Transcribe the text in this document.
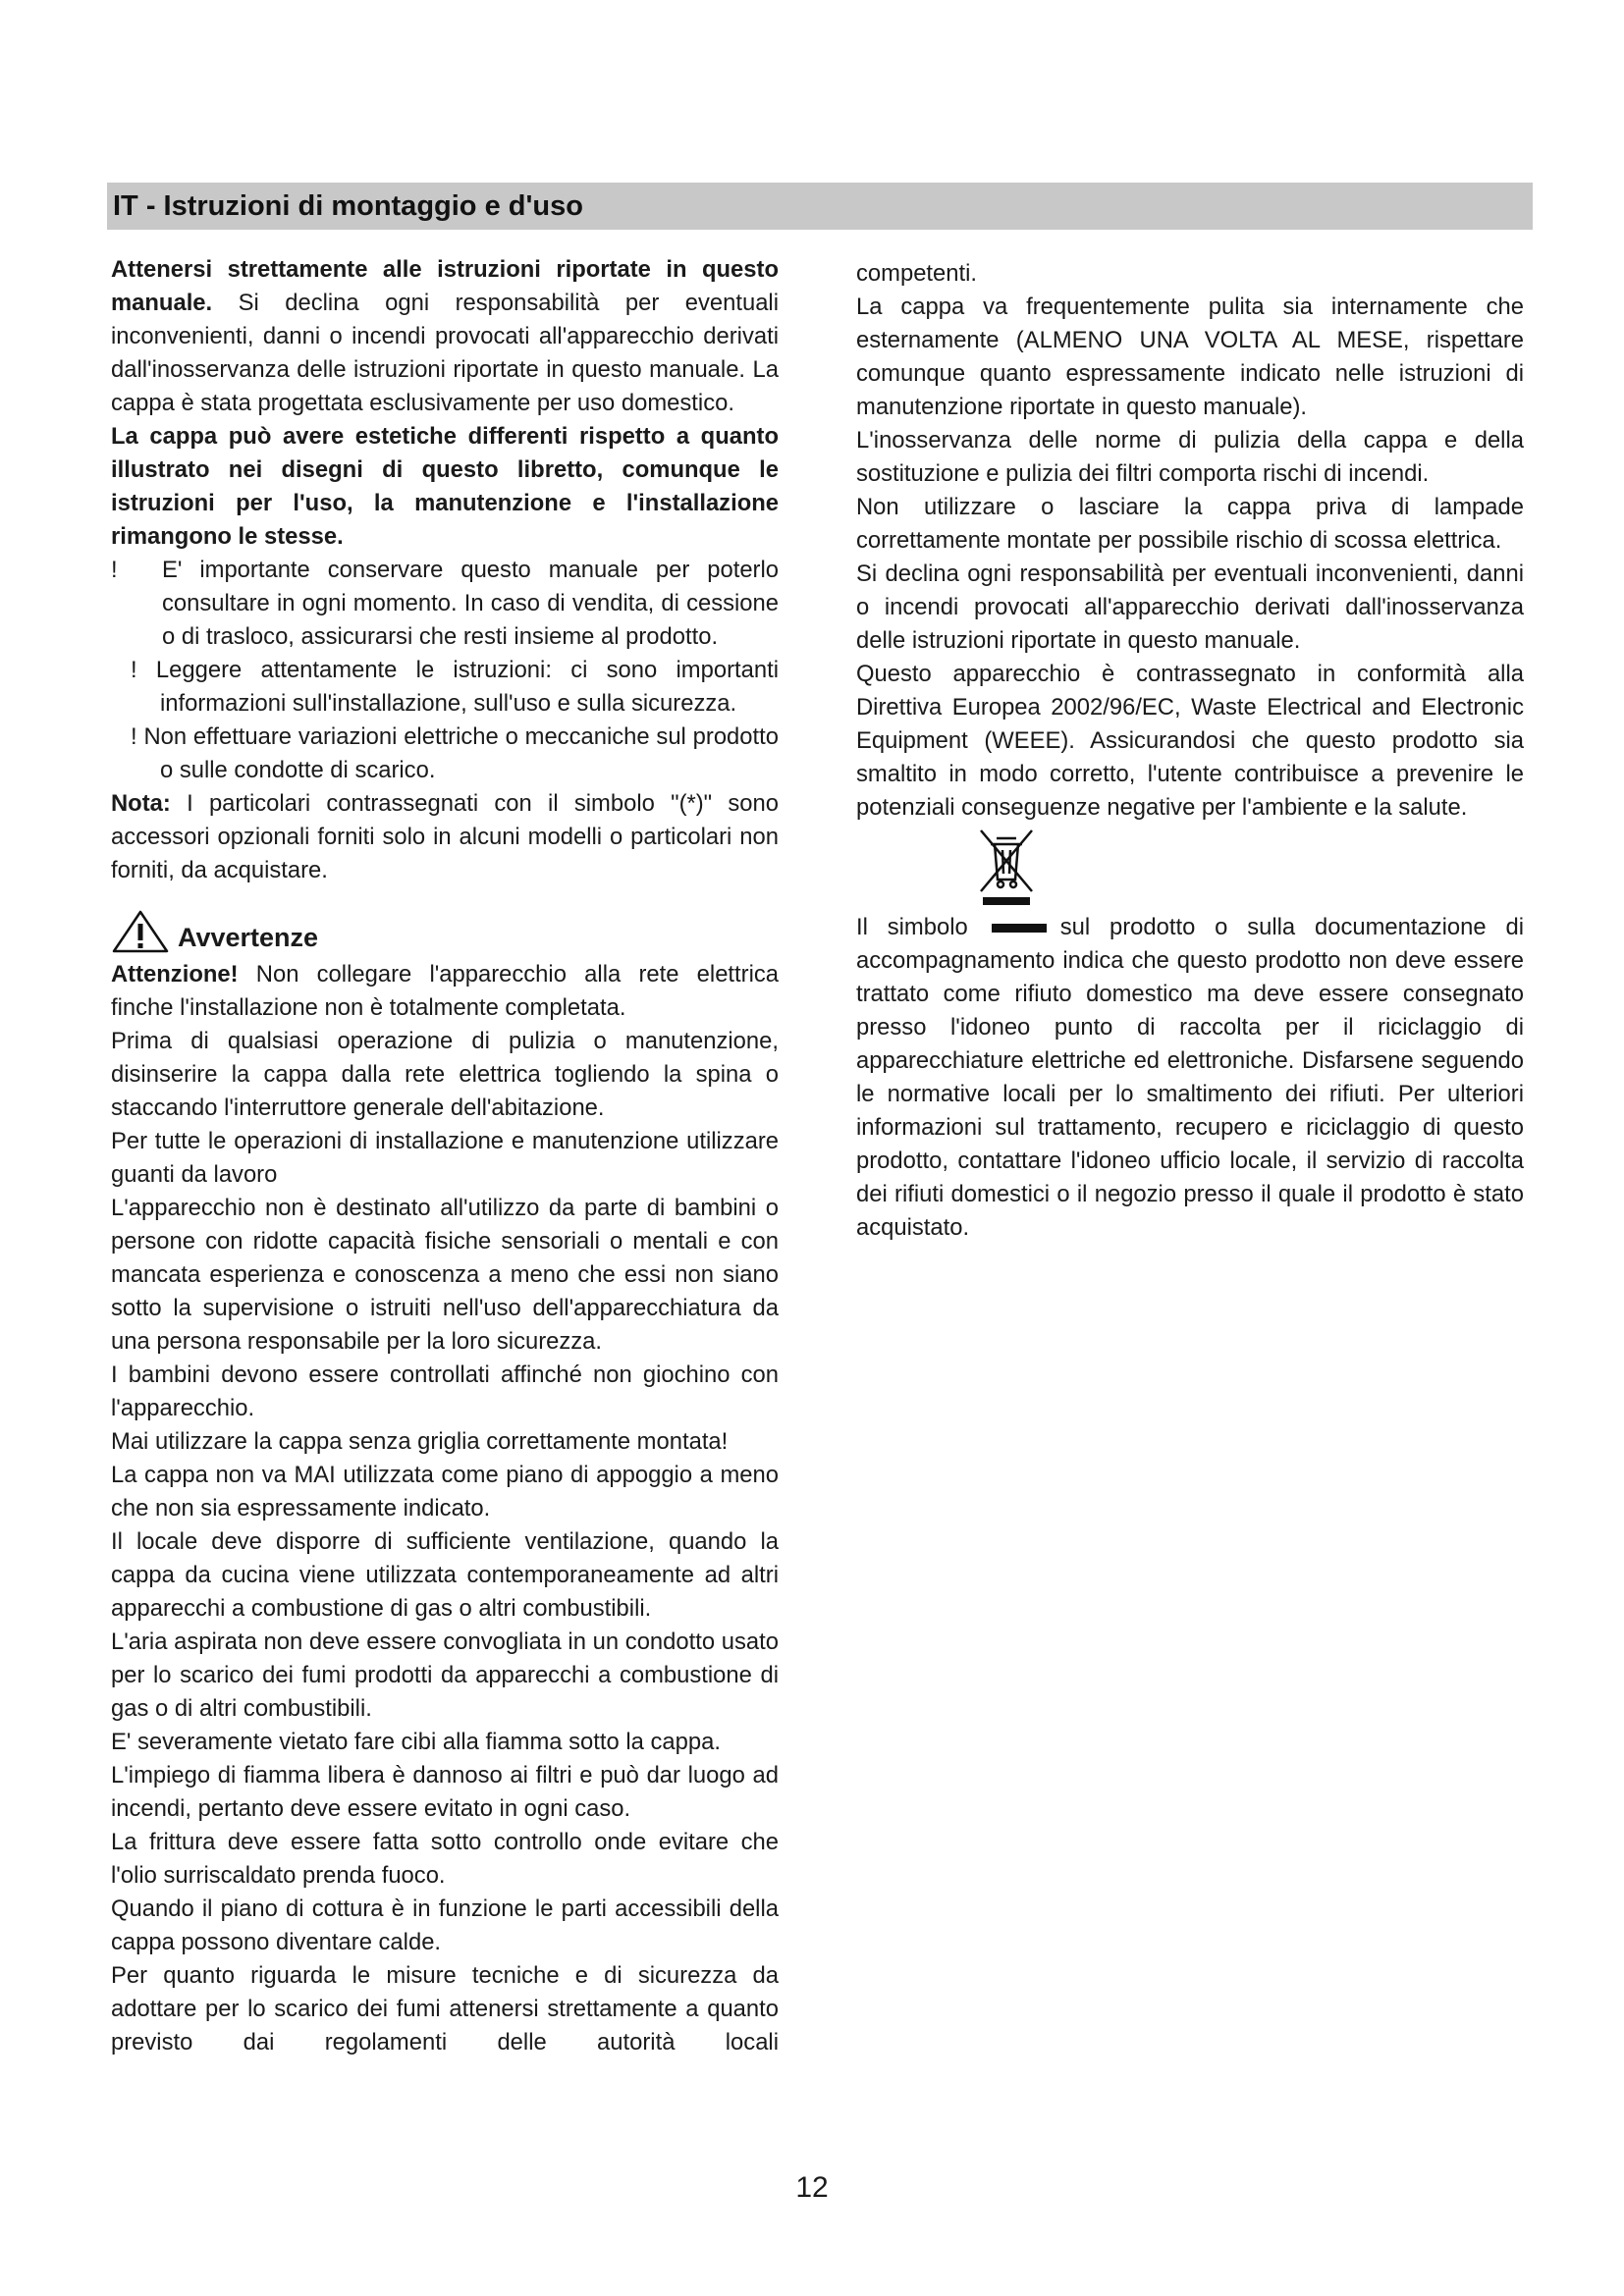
IT - Istruzioni di montaggio e d'uso

Attenersi strettamente alle istruzioni riportate in questo manuale. Si declina ogni responsabilità per eventuali inconvenienti, danni o incendi provocati all'apparecchio derivati dall'inosservanza delle istruzioni riportate in questo manuale. La cappa è stata progettata esclusivamente per uso domestico.

La cappa può avere estetiche differenti rispetto a quanto illustrato nei disegni di questo libretto, comunque le istruzioni per l'uso, la manutenzione e l'installazione rimangono le stesse.

! E' importante conservare questo manuale per poterlo consultare in ogni momento. In caso di vendita, di cessione o di trasloco, assicurarsi che resti insieme al prodotto.

! Leggere attentamente le istruzioni: ci sono importanti informazioni sull'installazione, sull'uso e sulla sicurezza.

! Non effettuare variazioni elettriche o meccaniche sul prodotto o sulle condotte di scarico.

Nota: I particolari contrassegnati con il simbolo "(*)" sono accessori opzionali forniti solo in alcuni modelli o particolari non forniti, da acquistare.

Avvertenze

Attenzione! Non collegare l'apparecchio alla rete elettrica finche l'installazione non è totalmente completata.

Prima di qualsiasi operazione di pulizia o manutenzione, disinserire la cappa dalla rete elettrica togliendo la spina o staccando l'interruttore generale dell'abitazione.

Per tutte le operazioni di installazione e manutenzione utilizzare guanti da lavoro

L'apparecchio non è destinato all'utilizzo da parte di bambini o persone con ridotte capacità fisiche sensoriali o mentali e con mancata esperienza e conoscenza a meno che essi non siano sotto la supervisione o istruiti nell'uso dell'apparecchiatura da una persona responsabile per la loro sicurezza.

I bambini devono essere controllati affinché non giochino con l'apparecchio.

Mai utilizzare la cappa senza griglia correttamente montata!

La cappa non va MAI utilizzata come piano di appoggio a meno che non sia espressamente indicato.

Il locale deve disporre di sufficiente ventilazione, quando la cappa da cucina viene utilizzata contemporaneamente ad altri apparecchi a combustione di gas o altri combustibili.

L'aria aspirata non deve essere convogliata in un condotto usato per lo scarico dei fumi prodotti da apparecchi a combustione di gas o di altri combustibili.

E' severamente vietato fare cibi alla fiamma sotto la cappa.

L'impiego di fiamma libera è dannoso ai filtri e può dar luogo ad incendi, pertanto deve essere evitato in ogni caso.

La frittura deve essere fatta sotto controllo onde evitare che l'olio surriscaldato prenda fuoco.

Quando il piano di cottura è in funzione le parti accessibili della cappa possono diventare calde.

Per quanto riguarda le misure tecniche e di sicurezza da adottare per lo scarico dei fumi attenersi strettamente a quanto previsto dai regolamenti delle autorità locali

competenti.

La cappa va frequentemente pulita sia internamente che esternamente (ALMENO UNA VOLTA AL MESE, rispettare comunque quanto espressamente indicato nelle istruzioni di manutenzione riportate in questo manuale).

L'inosservanza delle norme di pulizia della cappa e della sostituzione e pulizia dei filtri comporta rischi di incendi.

Non utilizzare o lasciare la cappa priva di lampade correttamente montate per possibile rischio di scossa elettrica.

Si declina ogni responsabilità per eventuali inconvenienti, danni o incendi provocati all'apparecchio derivati dall'inosservanza delle istruzioni riportate in questo manuale.

Questo apparecchio è contrassegnato in conformità alla Direttiva Europea 2002/96/EC, Waste Electrical and Electronic Equipment (WEEE). Assicurandosi che questo prodotto sia smaltito in modo corretto, l'utente contribuisce a prevenire le potenziali conseguenze negative per l'ambiente e la salute.

Il simbolo	sul prodotto o sulla documentazione di accompagnamento indica che questo prodotto non deve essere trattato come rifiuto domestico ma deve essere consegnato presso l'idoneo punto di raccolta per il riciclaggio di apparecchiature elettriche ed elettroniche. Disfarsene seguendo le normative locali per lo smaltimento dei rifiuti. Per ulteriori informazioni sul trattamento, recupero e riciclaggio di questo prodotto, contattare l'idoneo ufficio locale, il servizio di raccolta dei rifiuti domestici o il negozio presso il quale il prodotto è stato acquistato.

12
